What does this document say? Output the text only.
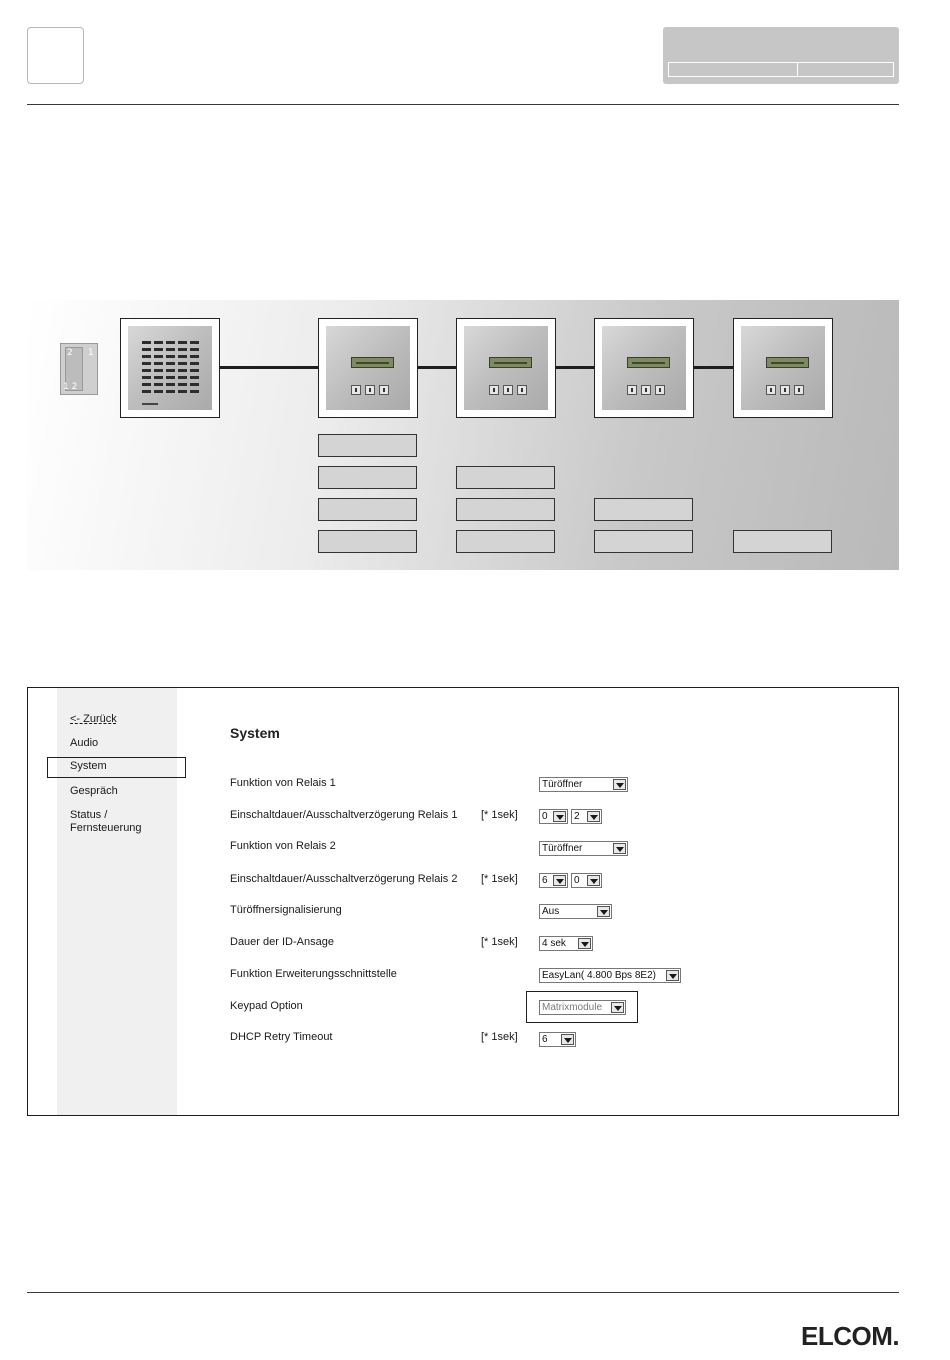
2 1
1 2
<- Zurück
Audio
System
Gespräch
Status /
Fernsteuerung
System
Funktion von Relais 1	Türöffner
Einschaltdauer/Ausschaltverzögerung Relais 1 [* 1sek]	0	2
Funktion von Relais 2	Türöffner
Einschaltdauer/Ausschaltverzögerung Relais 2 [* 1sek]	6	0
Türöffnersignalisierung	Aus
Dauer der ID-Ansage	[* 1sek]	4 sek
Funktion Erweiterungsschnittstelle	EasyLan( 4.800 Bps 8E2)
Keypad Option	Matrixmodule
DHCP Retry Timeout	[* 1sek]	6
ELCOM.
